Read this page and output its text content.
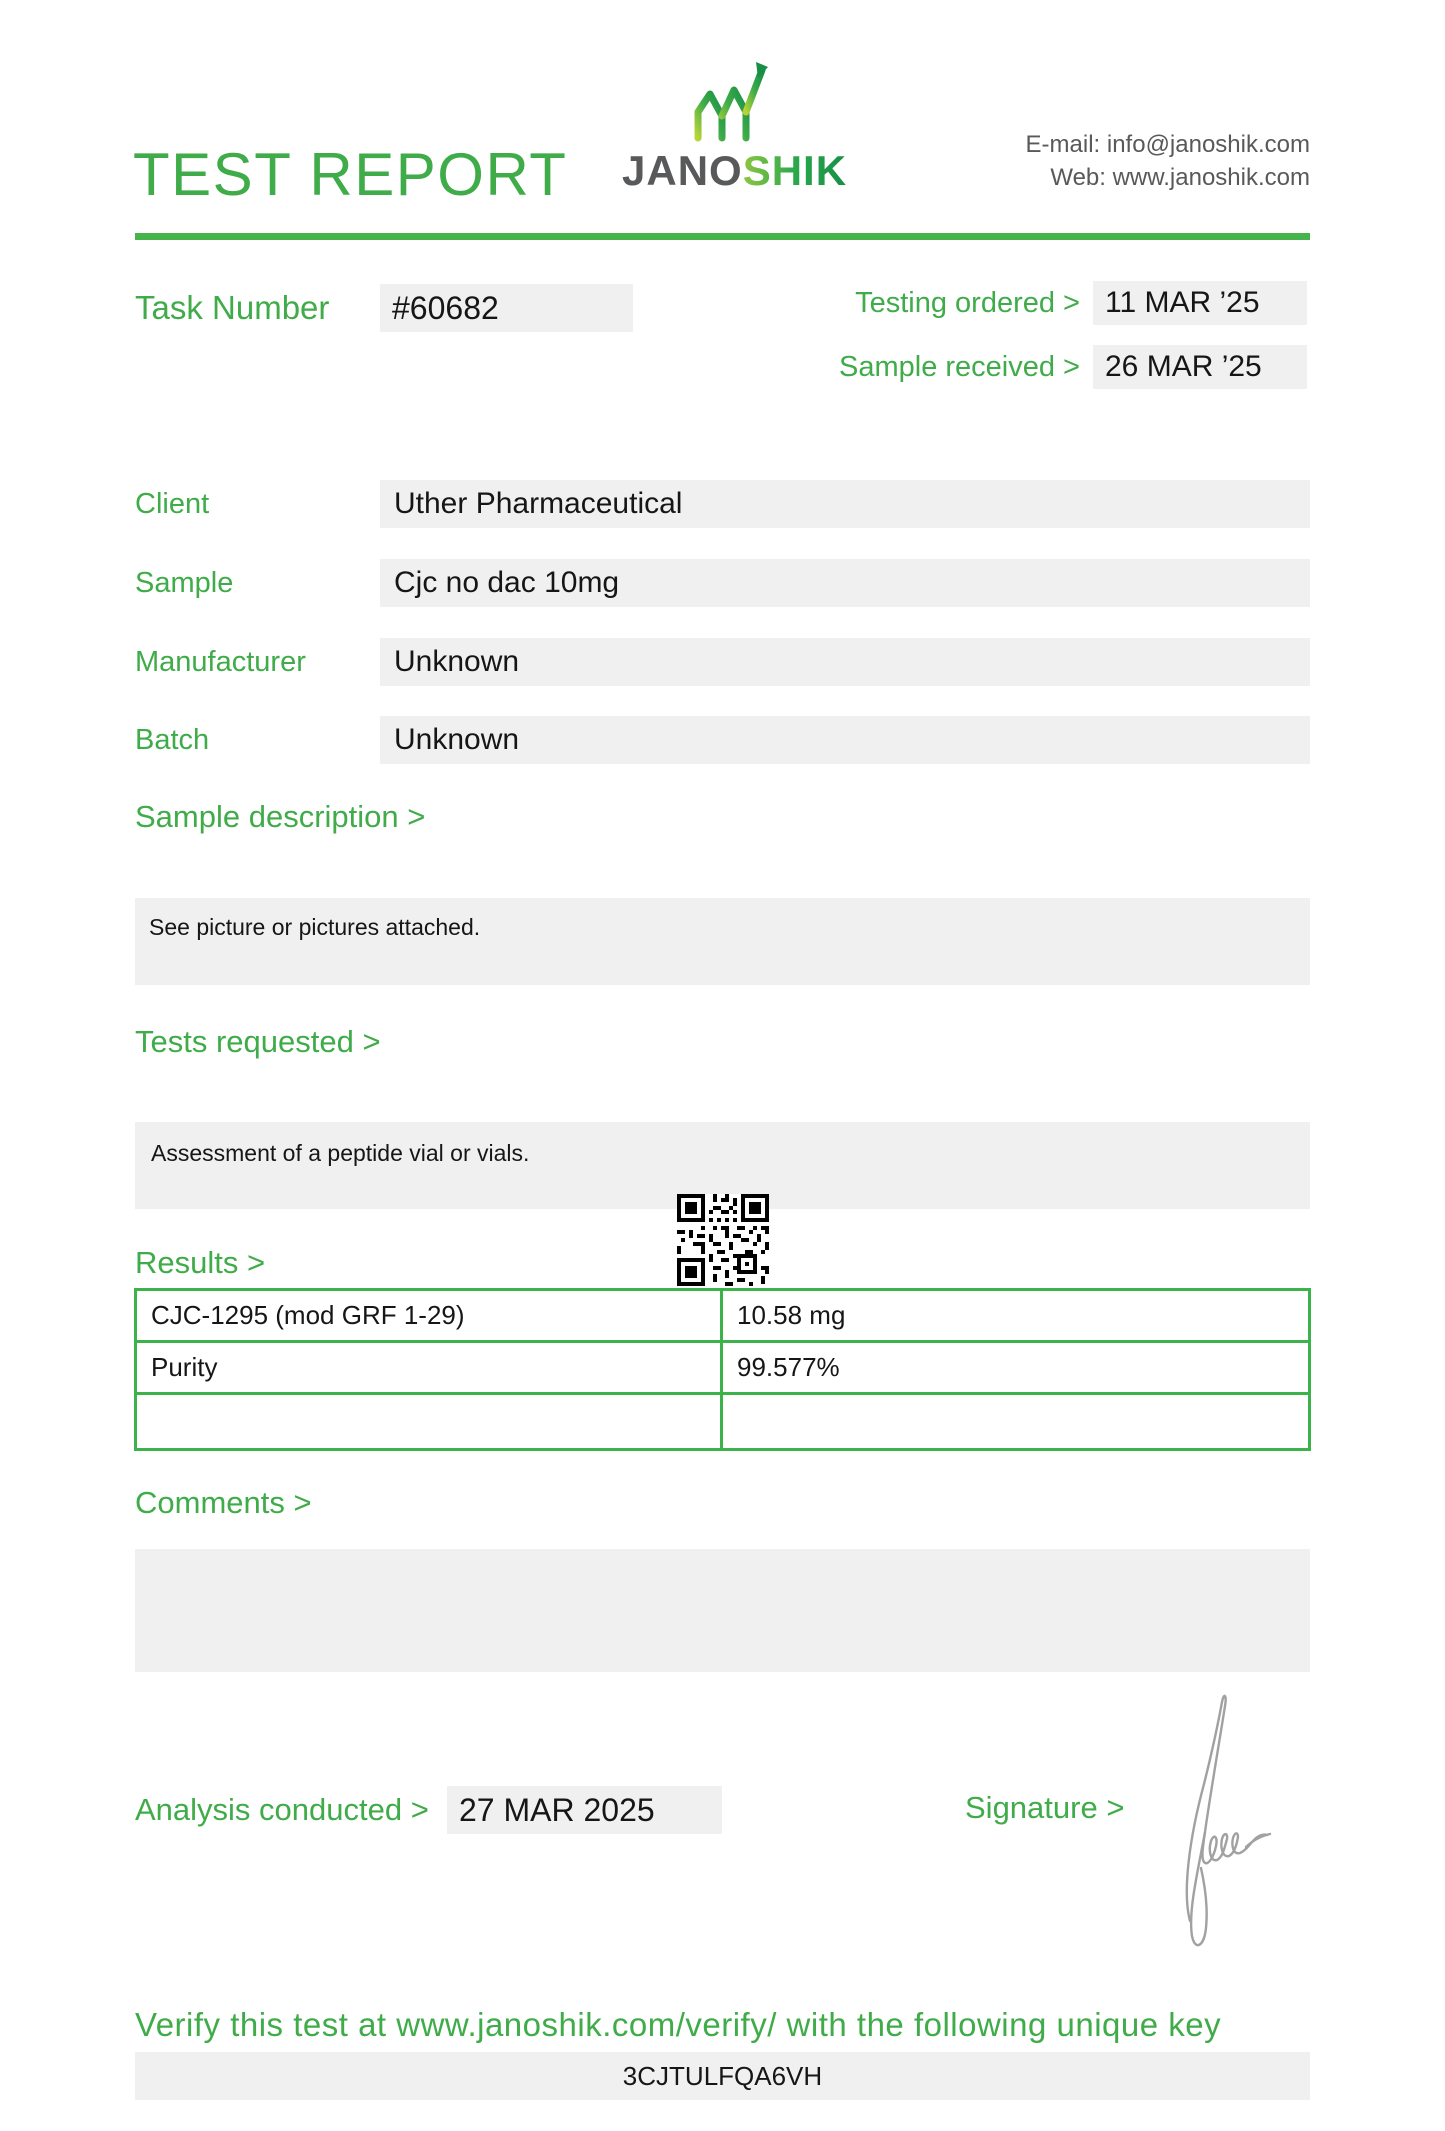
TEST REPORT JANOSHIK
E-mail: info@janoshik.com
Web: www.janoshik.com
Task Number	#60682	Testing ordered > 11 MAR ’25
Sample received > 26 MAR ’25
Client	Uther Pharmaceutical
Sample	Cjc no dac 10mg
Manufacturer	Unknown
Batch	Unknown
Sample description >
See picture or pictures attached.
Tests requested >
Assessment of a peptide vial or vials.
Results >
CJC-1295 (mod GRF 1-29)	10.58 mg
Purity	99.577%

Comments >
Analysis conducted > 27 MAR 2025	Signature >
Verify this test at www.janoshik.com/verify/ with the following unique key
3CJTULFQA6VH
